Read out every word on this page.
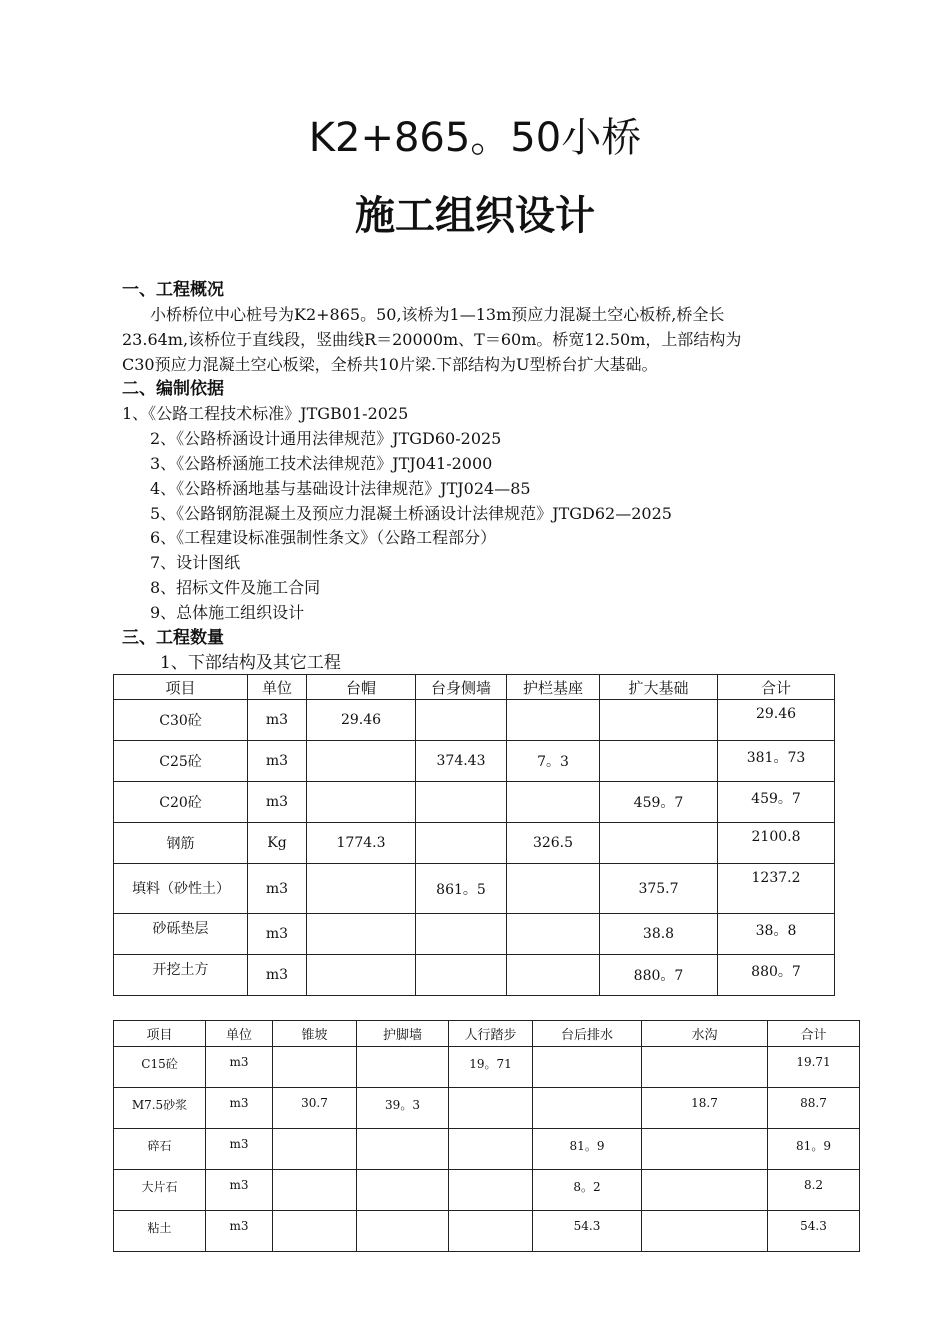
K2+865。50小桥
施工组织设计
一、工程概况
小桥桥位中心桩号为K2+865。50,该桥为1—13m预应力混凝土空心板桥,桥全长
23.64m,该桥位于直线段，竖曲线R＝20000m、T＝60m。桥宽12.50m，上部结构为
C30预应力混凝土空心板梁，全桥共10片梁.下部结构为U型桥台扩大基础。
二、编制依据
1、《公路工程技术标准》JTGB01-2025
2、《公路桥涵设计通用法律规范》JTGD60-2025
3、《公路桥涵施工技术法律规范》JTJ041-2000
4、《公路桥涵地基与基础设计法律规范》JTJ024—85
5、《公路钢筋混凝土及预应力混凝土桥涵设计法律规范》JTGD62—2025
6、《工程建设标准强制性条文》（公路工程部分）
7、设计图纸
8、招标文件及施工合同
9、总体施工组织设计
三、工程数量
1、下部结构及其它工程
项目	单位	台帽	台身侧墙	护栏基座	扩大基础	合计
C30砼	m3	29.46				29.46
C25砼	m3		374.43	7。3		381。73
C20砼	m3				459。7	459。7
钢筋	Kg	1774.3		326.5		2100.8
填料（砂性土）	m3		861。5		375.7	1237.2
砂砾垫层	m3				38.8	38。8
开挖土方	m3				880。7	880。7
项目	单位	锥坡	护脚墙	人行踏步	台后排水	水沟	合计
C15砼	m3			19。71			19.71
M7.5砂浆	m3	30.7	39。3			18.7	88.7
碎石	m3				81。9		81。9
大片石	m3				8。2		8.2
粘土	m3				54.3		54.3
